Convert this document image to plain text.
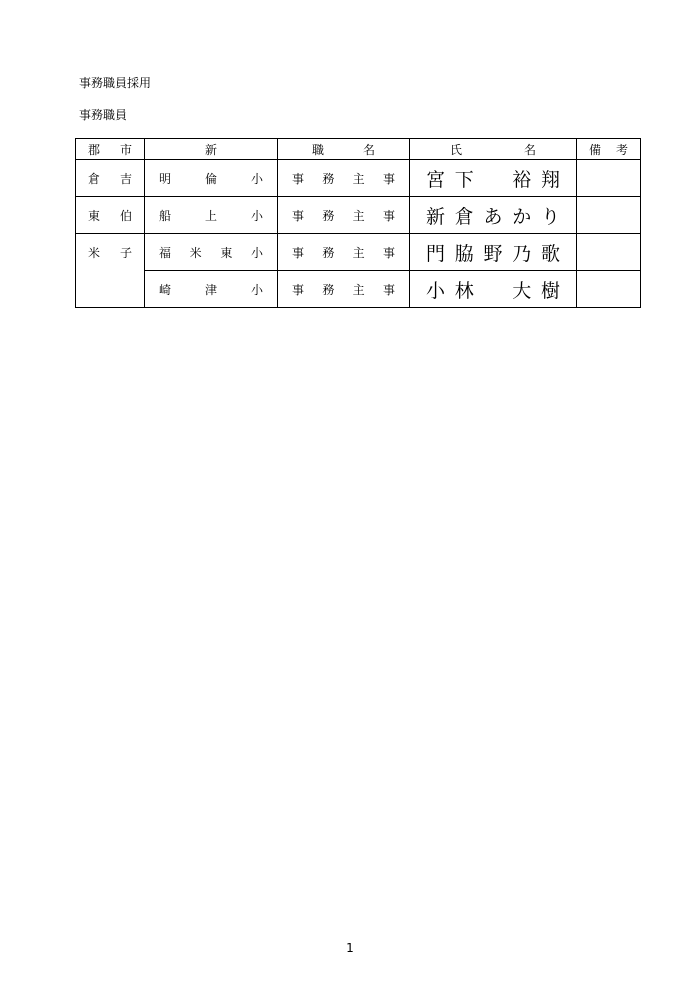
事務職員採用

事務職員

郡 市	新	職 名	氏 名	備 考

倉 吉	明 倫 小	事 務 主 事	宮 下 裕 翔	

東 伯	船 上 小	事 務 主 事	新 倉 あ か り	

米 子	福 米 東 小	事 務 主 事	門 脇 野 乃 歌	

	崎 津 小	事 務 主 事	小 林 大 樹	

1
